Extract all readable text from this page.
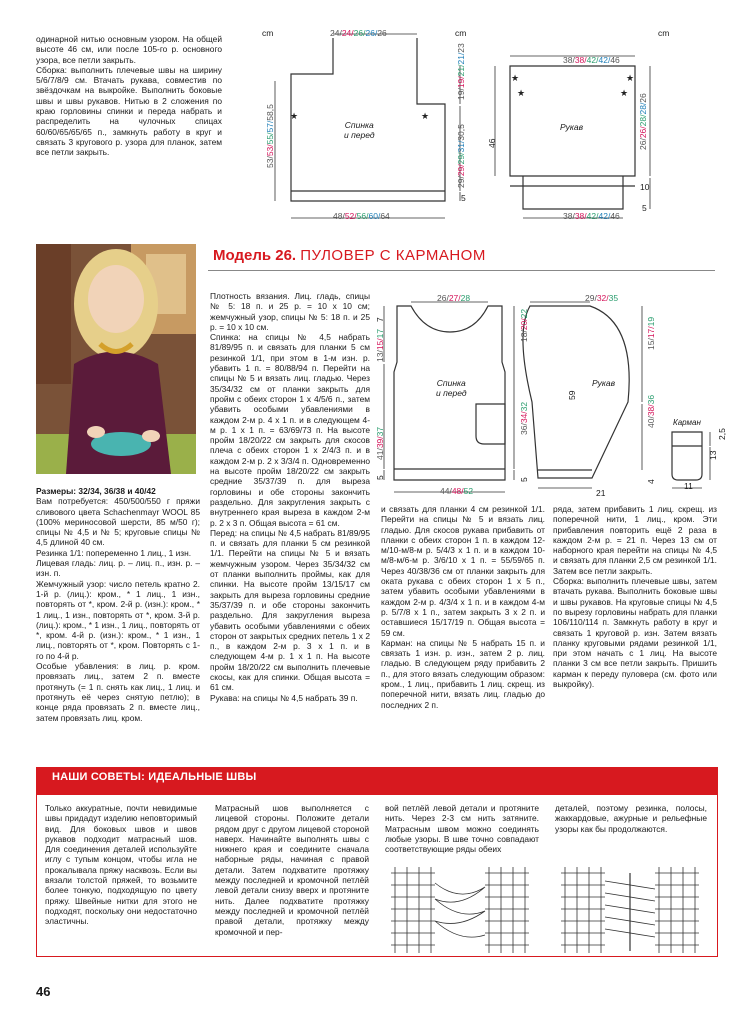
одинарной нитью основным узором. На общей высоте 46 см, или после 105-го р. основного узора, все петли закрыть.

Сборка: выполнить плечевые швы на ширину 5/6/7/8/9 см. Втачать рукава, совместив по звёздочкам на выкройке. Выполнить боковые швы и швы рукавов. Нитью в 2 сложения по краю горловины спинки и переда набрать и распределить на чулочных спицах 60/60/65/65/65 п., замкнуть работу в круг и связать 3 кругового р. узора для планок, затем все петли закрыть.

★	★
★	★
★	★
cm	cm	cm
24/24/26/26/26
48/52/56/60/64
53/53/55/57/58,5
19/19/21/21/23
29/29/29/31/30,5
5
Спинка
и перед
38/38/42/42/46
38/38/42/42/46
46	26/26/28/28/26
10
5
Рукав
Модель 26. ПУЛОВЕР С КАРМАНОМ
26/27/28
44/48/52
7
13/15/17
41/39/37
5
18/20/22
36/34/32
5
Спинка
и перед
29/32/35
21
59
15/17/19
40/38/36
4
Рукав
Карман
11
13
2,5

Размеры: 32/34, 36/38 и 40/42

Вам потребуется: 450/500/550 г пряжи сливового цвета Schachenmayr WOOL 85 (100% мериносовой шерсти, 85 м/50 г); спицы № 4,5 и № 5; круговые спицы № 4,5 длиной 40 см.

Резинка 1/1: попеременно 1 лиц., 1 изн.

Лицевая гладь: лиц. р. – лиц. п., изн. р. – изн. п.

Жемчужный узор: число петель кратно 2. 1-й р. (лиц.): кром., * 1 лиц., 1 изн., повторять от *, кром. 2-й р. (изн.): кром., * 1 лиц., 1 изн., повторять от *, кром. 3-й р. (лиц.): кром., * 1 изн., 1 лиц., повторять от *, кром. 4-й р. (изн.): кром., * 1 изн., 1 лиц., повторять от *, кром. Повторять с 1-го по 4-й р.

Особые убавления: в лиц. р. кром. провязать лиц., затем 2 п. вместе протянуть (= 1 п. снять как лиц., 1 лиц. и протянуть её через снятую петлю); в конце ряда провязать 2 п. вместе лиц., затем провязать лиц. кром.

Плотность вязания. Лиц. гладь, спицы № 5: 18 п. и 25 р. = 10 х 10 см; жемчужный узор, спицы № 5: 18 п. и 25 р. = 10 х 10 см.

Спинка: на спицы № 4,5 набрать 81/89/95 п. и связать для планки 5 см резинкой 1/1, при этом в 1-м изн. р. убавить 1 п. = 80/88/94 п. Перейти на спицы № 5 и вязать лиц. гладью. Через 35/34/32 см от планки закрыть для пройм с обеих сторон 1 х 4/5/6 п., затем убавить особыми убавлениями в каждом 2-м р. 4 х 1 п. и в следующем 4-м р. 1 х 1 п. = 63/69/73 п. На высоте пройм 18/20/22 см закрыть для скосов плеча с обеих сторон 1 х 2/4/3 п. и в каждом 2-м р. 2 х 3/3/4 п. Одновременно на высоте пройм 18/20/22 см закрыть средние 35/37/39 п. для выреза горловины и обе стороны закончить раздельно. Для закругления закрыть с внутреннего края выреза в каждом 2-м р. 2 х 3 п. Общая высота = 61 см.

Перед: на спицы № 4,5 набрать 81/89/95 п. и связать для планки 5 см резинкой 1/1. Перейти на спицы № 5 и вязать жемчужным узором. Через 35/34/32 см от планки выполнить проймы, как для спинки. На высоте пройм 13/15/17 см закрыть для выреза горловины средние 35/37/39 п. и обе стороны закончить раздельно. Для закругления выреза убавить особыми убавлениями с обеих сторон от закрытых средних петель 1 х 2 п., в каждом 2-м р. 3 х 1 п. и в следующем 4-м р. 1 х 1 п. На высоте пройм 18/20/22 см выполнить плечевые скосы, как для спинки. Общая высота = 61 см.

Рукава: на спицы № 4,5 набрать 39 п.

и связать для планки 4 см резинкой 1/1. Перейти на спицы № 5 и вязать лиц. гладью. Для скосов рукава прибавить от планки с обеих сторон 1 п. в каждом 12-м/10-м/8-м р. 5/4/3 х 1 п. и в каждом 10-м/8-м/6-м р. 3/6/10 х 1 п. = 55/59/65 п. Через 40/38/36 см от планки закрыть для оката рукава с обеих сторон 1 х 5 п., затем убавить особыми убавлениями в каждом 2-м р. 4/3/4 х 1 п. и в каждом 4-м р. 5/7/8 х 1 п., затем закрыть 3 х 2 п. и оставшиеся 15/17/19 п. Общая высота = 59 см.

Карман: на спицы № 5 набрать 15 п. и связать 1 изн. р. изн., затем 2 р. лиц. гладью. В следующем ряду прибавить 2 п., для этого вязать следующим образом: кром., 1 лиц., прибавить 1 лиц. скрещ. из поперечной нити, вязать лиц. гладью до последних 2 п.

ряда, затем прибавить 1 лиц. скрещ. из поперечной нити, 1 лиц., кром. Эти прибавления повторить ещё 2 раза в каждом 2-м р. = 21 п. Через 13 см от наборного края перейти на спицы № 4,5 и связать для планки 2,5 см резинкой 1/1. Затем все петли закрыть.

Сборка: выполнить плечевые швы, затем втачать рукава. Выполнить боковые швы и швы рукавов. На круговые спицы № 4,5 по вырезу горловины набрать для планки 106/110/114 п. Замкнуть работу в круг и связать 1 круговой р. изн. Затем вязать планку круговыми рядами резинкой 1/1, при этом начать с 1 лиц. На высоте планки 3 см все петли закрыть. Пришить карман к переду пуловера (см. фото или выкройку).

НАШИ СОВЕТЫ: ИДЕАЛЬНЫЕ ШВЫ
Только аккуратные, почти невидимые швы придадут изделию неповторимый вид. Для боковых швов и швов рукавов подходит матрасный шов. Для соединения деталей используйте иглу с тупым концом, чтобы игла не прокалывала пряжу насквозь. Если вы вязали толстой пряжей, то возьмите более тонкую, подходящую по цвету пряжу. Швейные нитки для этого не подходят, поскольку они недостаточно эластичны.
Матрасный шов выполняется с лицевой стороны. Положите детали рядом друг с другом лицевой стороной наверх. Начинайте выполнять швы с нижнего края и соедините сначала наборные ряды, начиная с правой детали. Затем подхватите протяжку между последней и кромочной петлёй левой детали снизу вверх и протяните нить. Далее подхватите протяжку между последней и кромочной петлёй правой детали, протяжку между кромочной и пер-
вой петлёй левой детали и протяните нить. Через 2-3 см нить затяните. Матрасным швом можно соединять любые узоры. В шве точно совпадают соответствующие ряды обеих
деталей, поэтому резинка, полосы, жаккардовые, ажурные и рельефные узоры как бы продолжаются.
46
